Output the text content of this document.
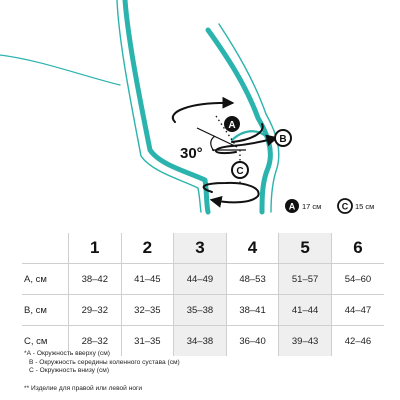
A
B
C
30°
A 17 см C 15 см
	1	2	3	4	5	6
A, см	38–42	41–45	44–49	48–53	51–57	54–60
B, см	29–32	32–35	35–38	38–41	41–44	44–47
C, см	28–32	31–35	34–38	36–40	39–43	42–46
*А - Окружность вверху (см)
B - Окружность середины коленного сустава (см)
C - Окружность внизу (см)
** Изделие для правой или левой ноги
